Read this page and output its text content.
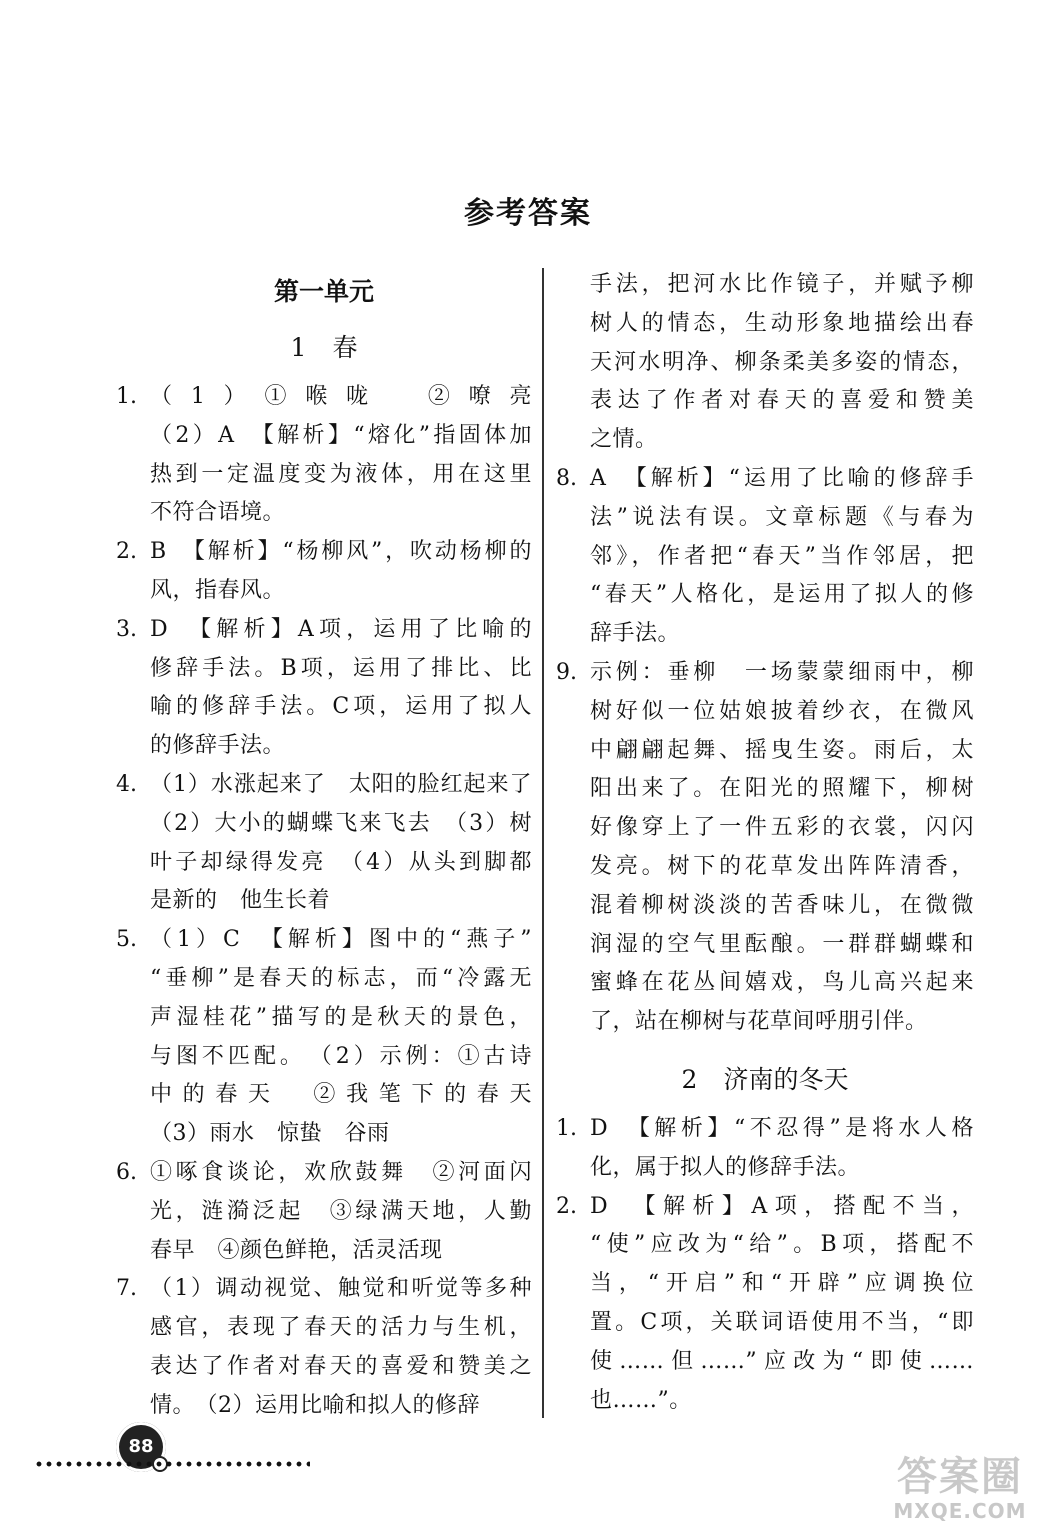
参考答案
第一单元
1 春
1. （1）①喉咙　②嘹亮
（2）A　【解析】“熔化”指固体加
热到一定温度变为液体，用在这里
不符合语境。
2. B　【解析】“杨柳风”，吹动杨柳的
风，指春风。
3. D　【解析】A项，运用了比喻的
修辞手法。B项，运用了排比、比
喻的修辞手法。C项，运用了拟人
的修辞手法。
4. （1）水涨起来了　太阳的脸红起来了
（2）大小的蝴蝶飞来飞去　（3）树
叶子却绿得发亮　（4）从头到脚都
是新的　他生长着
5. （1）C　【解析】图中的“燕子”
“垂柳”是春天的标志，而“冷露无
声湿桂花”描写的是秋天的景色，
与图不匹配。　（2）示例：①古诗
中的春天　②我笔下的春天
（3）雨水　惊蛰　谷雨
6. ①啄食谈论，欢欣鼓舞　②河面闪
光，涟漪泛起　③绿满天地，人勤
春早　④颜色鲜艳，活灵活现
7. （1）调动视觉、触觉和听觉等多种
感官，表现了春天的活力与生机，
表达了作者对春天的喜爱和赞美之
情。　（2）运用比喻和拟人的修辞
手法，把河水比作镜子，并赋予柳
树人的情态，生动形象地描绘出春
天河水明净、柳条柔美多姿的情态，
表达了作者对春天的喜爱和赞美
之情。
8. A　【解析】“运用了比喻的修辞手
法”说法有误。文章标题《与春为
邻》，作者把“春天”当作邻居，把
“春天”人格化，是运用了拟人的修
辞手法。
9. 示例：垂柳　一场蒙蒙细雨中，柳
树好似一位姑娘披着纱衣，在微风
中翩翩起舞、摇曳生姿。雨后，太
阳出来了。在阳光的照耀下，柳树
好像穿上了一件五彩的衣裳，闪闪
发亮。树下的花草发出阵阵清香，
混着柳树淡淡的苦香味儿，在微微
润湿的空气里酝酿。一群群蝴蝶和
蜜蜂在花丛间嬉戏，鸟儿高兴起来
了，站在柳树与花草间呼朋引伴。
2 济南的冬天
1. D　【解析】“不忍得”是将水人格
化，属于拟人的修辞手法。
2. D　【解析】A项，搭配不当，
“使”应改为“给”。B项，搭配不
当，“开启”和“开辟”应调换位
置。C项，关联词语使用不当，“即
使……但……”应改为“即使……
也……”。
88
答案圈
MXQE.COM
